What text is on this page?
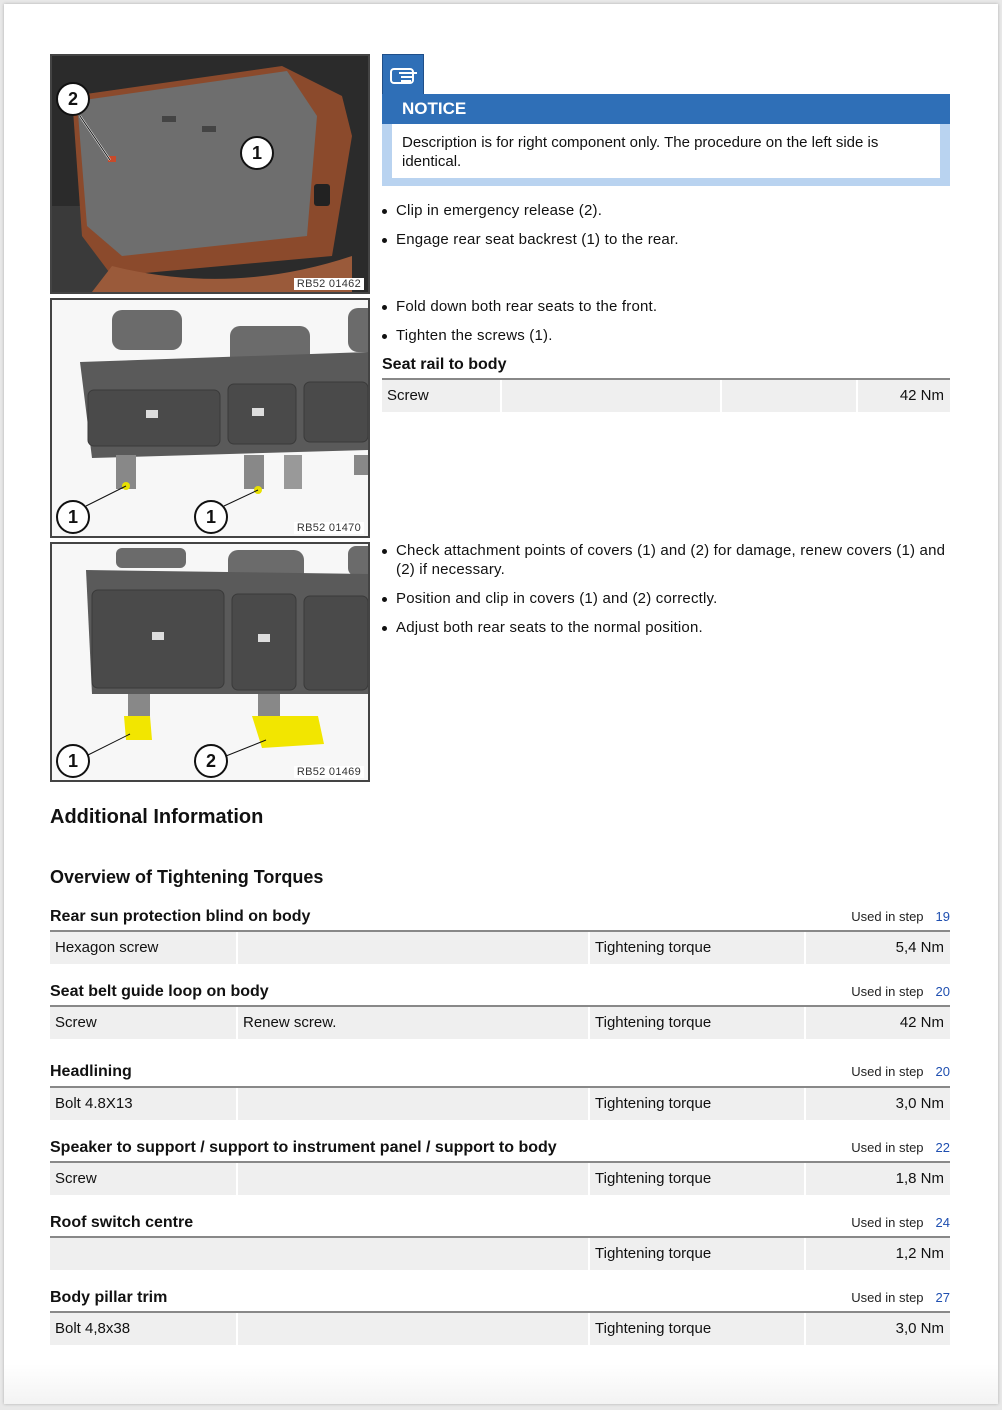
2
1
RB52 01462
1	1
RB52 01470
1	2
RB52 01469
NOTICE
Description is for right component only. The procedure on the left side is identical.
Clip in emergency release (2).
Engage rear seat backrest (1) to the rear.
Fold down both rear seats to the front.
Tighten the screws (1).
Seat rail to body
Screw	42 Nm
Check attachment points of covers (1) and (2) for damage, renew covers (1) and (2) if necessary.
Position and clip in covers (1) and (2) correctly.
Adjust both rear seats to the normal position.
Additional Information
Overview of Tightening Torques
Rear sun protection blind on body	Used in step 19
Hexagon screw	Tightening torque	5,4 Nm
Seat belt guide loop on body	Used in step 20
Screw	Renew screw.	Tightening torque	42 Nm
Headlining	Used in step 20
Bolt 4.8X13	Tightening torque	3,0 Nm
Speaker to support / support to instrument panel / support to body	Used in step 22
Screw	Tightening torque	1,8 Nm
Roof switch centre	Used in step 24
Tightening torque	1,2 Nm
Body pillar trim	Used in step 27
Bolt 4,8x38	Tightening torque	3,0 Nm
